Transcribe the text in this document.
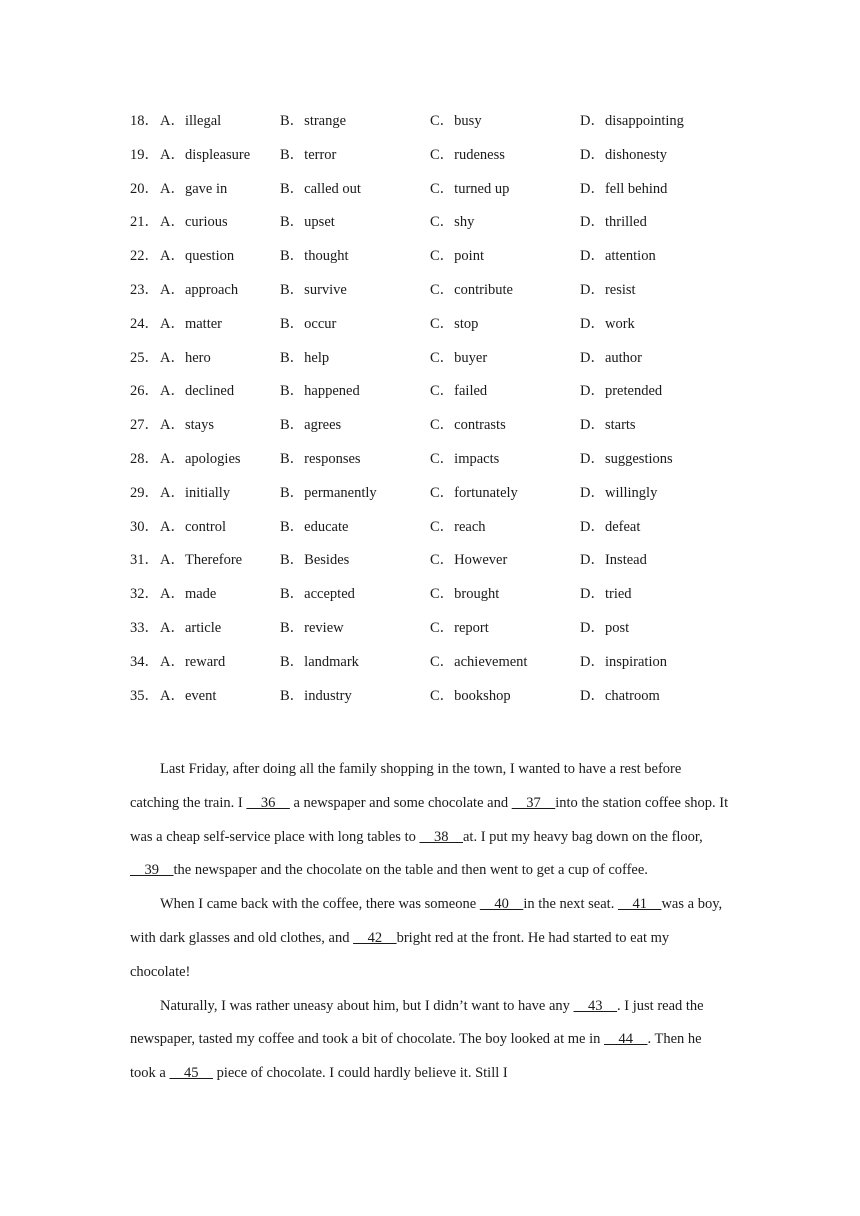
18． A．illegal	B．strange	C．busy	D．disappointing
19． A．displeasure B．terror	C．rudeness	D．dishonesty
20． A．gave in	B．called out	C．turned up	D．fell behind
21． A．curious	B．upset	C．shy	D．thrilled
22． A．question	B．thought	C．point	D．attention
23． A．approach	B．survive	C．contribute	D．resist
24． A．matter	B．occur	C．stop	D．work
25． A．hero	B．help	C．buyer	D．author
26． A．declined	B．happened	C．failed	D．pretended
27． A．stays	B．agrees	C．contrasts	D．starts
28． A．apologies	B．responses	C．impacts	D．suggestions
29． A．initially	B．permanently	C．fortunately	D．willingly
30． A．control	B．educate	C．reach	D．defeat
31． A．Therefore	B．Besides	C．However	D．Instead
32． A．made	B．accepted	C．brought	D．tried
33． A．article	B．review	C．report	D．post
34． A．reward	B．landmark	C．achievement	D．inspiration
35． A．event	B．industry	C．bookshop	D．chatroom

Last Friday, after doing all the family shopping in the town, I wanted to have a rest before catching the train. I     36     a newspaper and some chocolate and     37    into the station coffee shop. It was a cheap self-service place with long tables to     38    at. I put my heavy bag down on the floor,     39    the newspaper and the chocolate on the table and then went to get a cup of coffee.

When I came back with the coffee, there was someone     40    in the next seat.     41    was a boy, with dark glasses and old clothes, and     42    bright red at the front. He had started to eat my chocolate!

Naturally, I was rather uneasy about him, but I didn’t want to have any     43    . I just read the newspaper, tasted my coffee and took a bit of chocolate. The boy looked at me in     44    . Then he took a     45     piece of chocolate. I could hardly believe it. Still I
